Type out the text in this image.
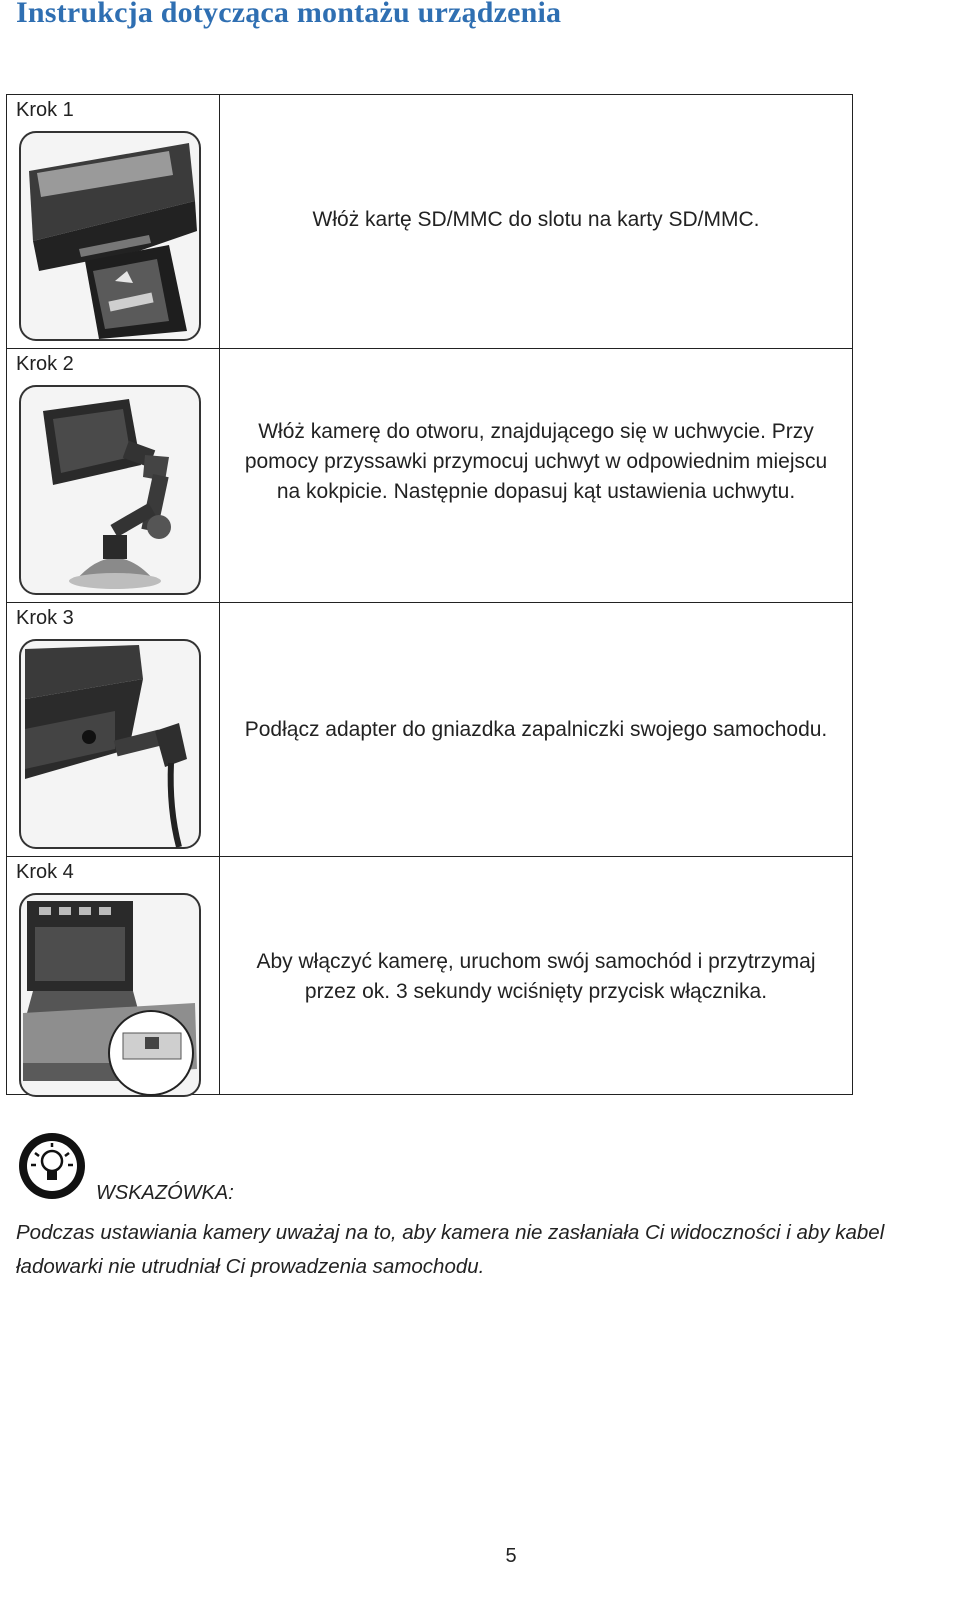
Instrukcja dotycząca montażu urządzenia
Krok 1	Włóż kartę SD/MMC do slotu na karty SD/MMC.

Krok 2	Włóż kamerę do otworu, znajdującego się w uchwycie. Przy pomocy przyssawki przymocuj uchwyt w odpowiednim miejscu na kokpicie. Następnie dopasuj kąt ustawienia uchwytu.

Krok 3	Podłącz adapter do gniazdka zapalniczki swojego samochodu.

Krok 4	Aby włączyć kamerę, uruchom swój samochód i przytrzymaj przez ok. 3 sekundy wciśnięty przycisk włącznika.
WSKAZÓWKA:
Podczas ustawiania kamery uważaj na to, aby kamera nie zasłaniała Ci widoczności i aby kabel ładowarki nie utrudniał Ci prowadzenia samochodu.
5
